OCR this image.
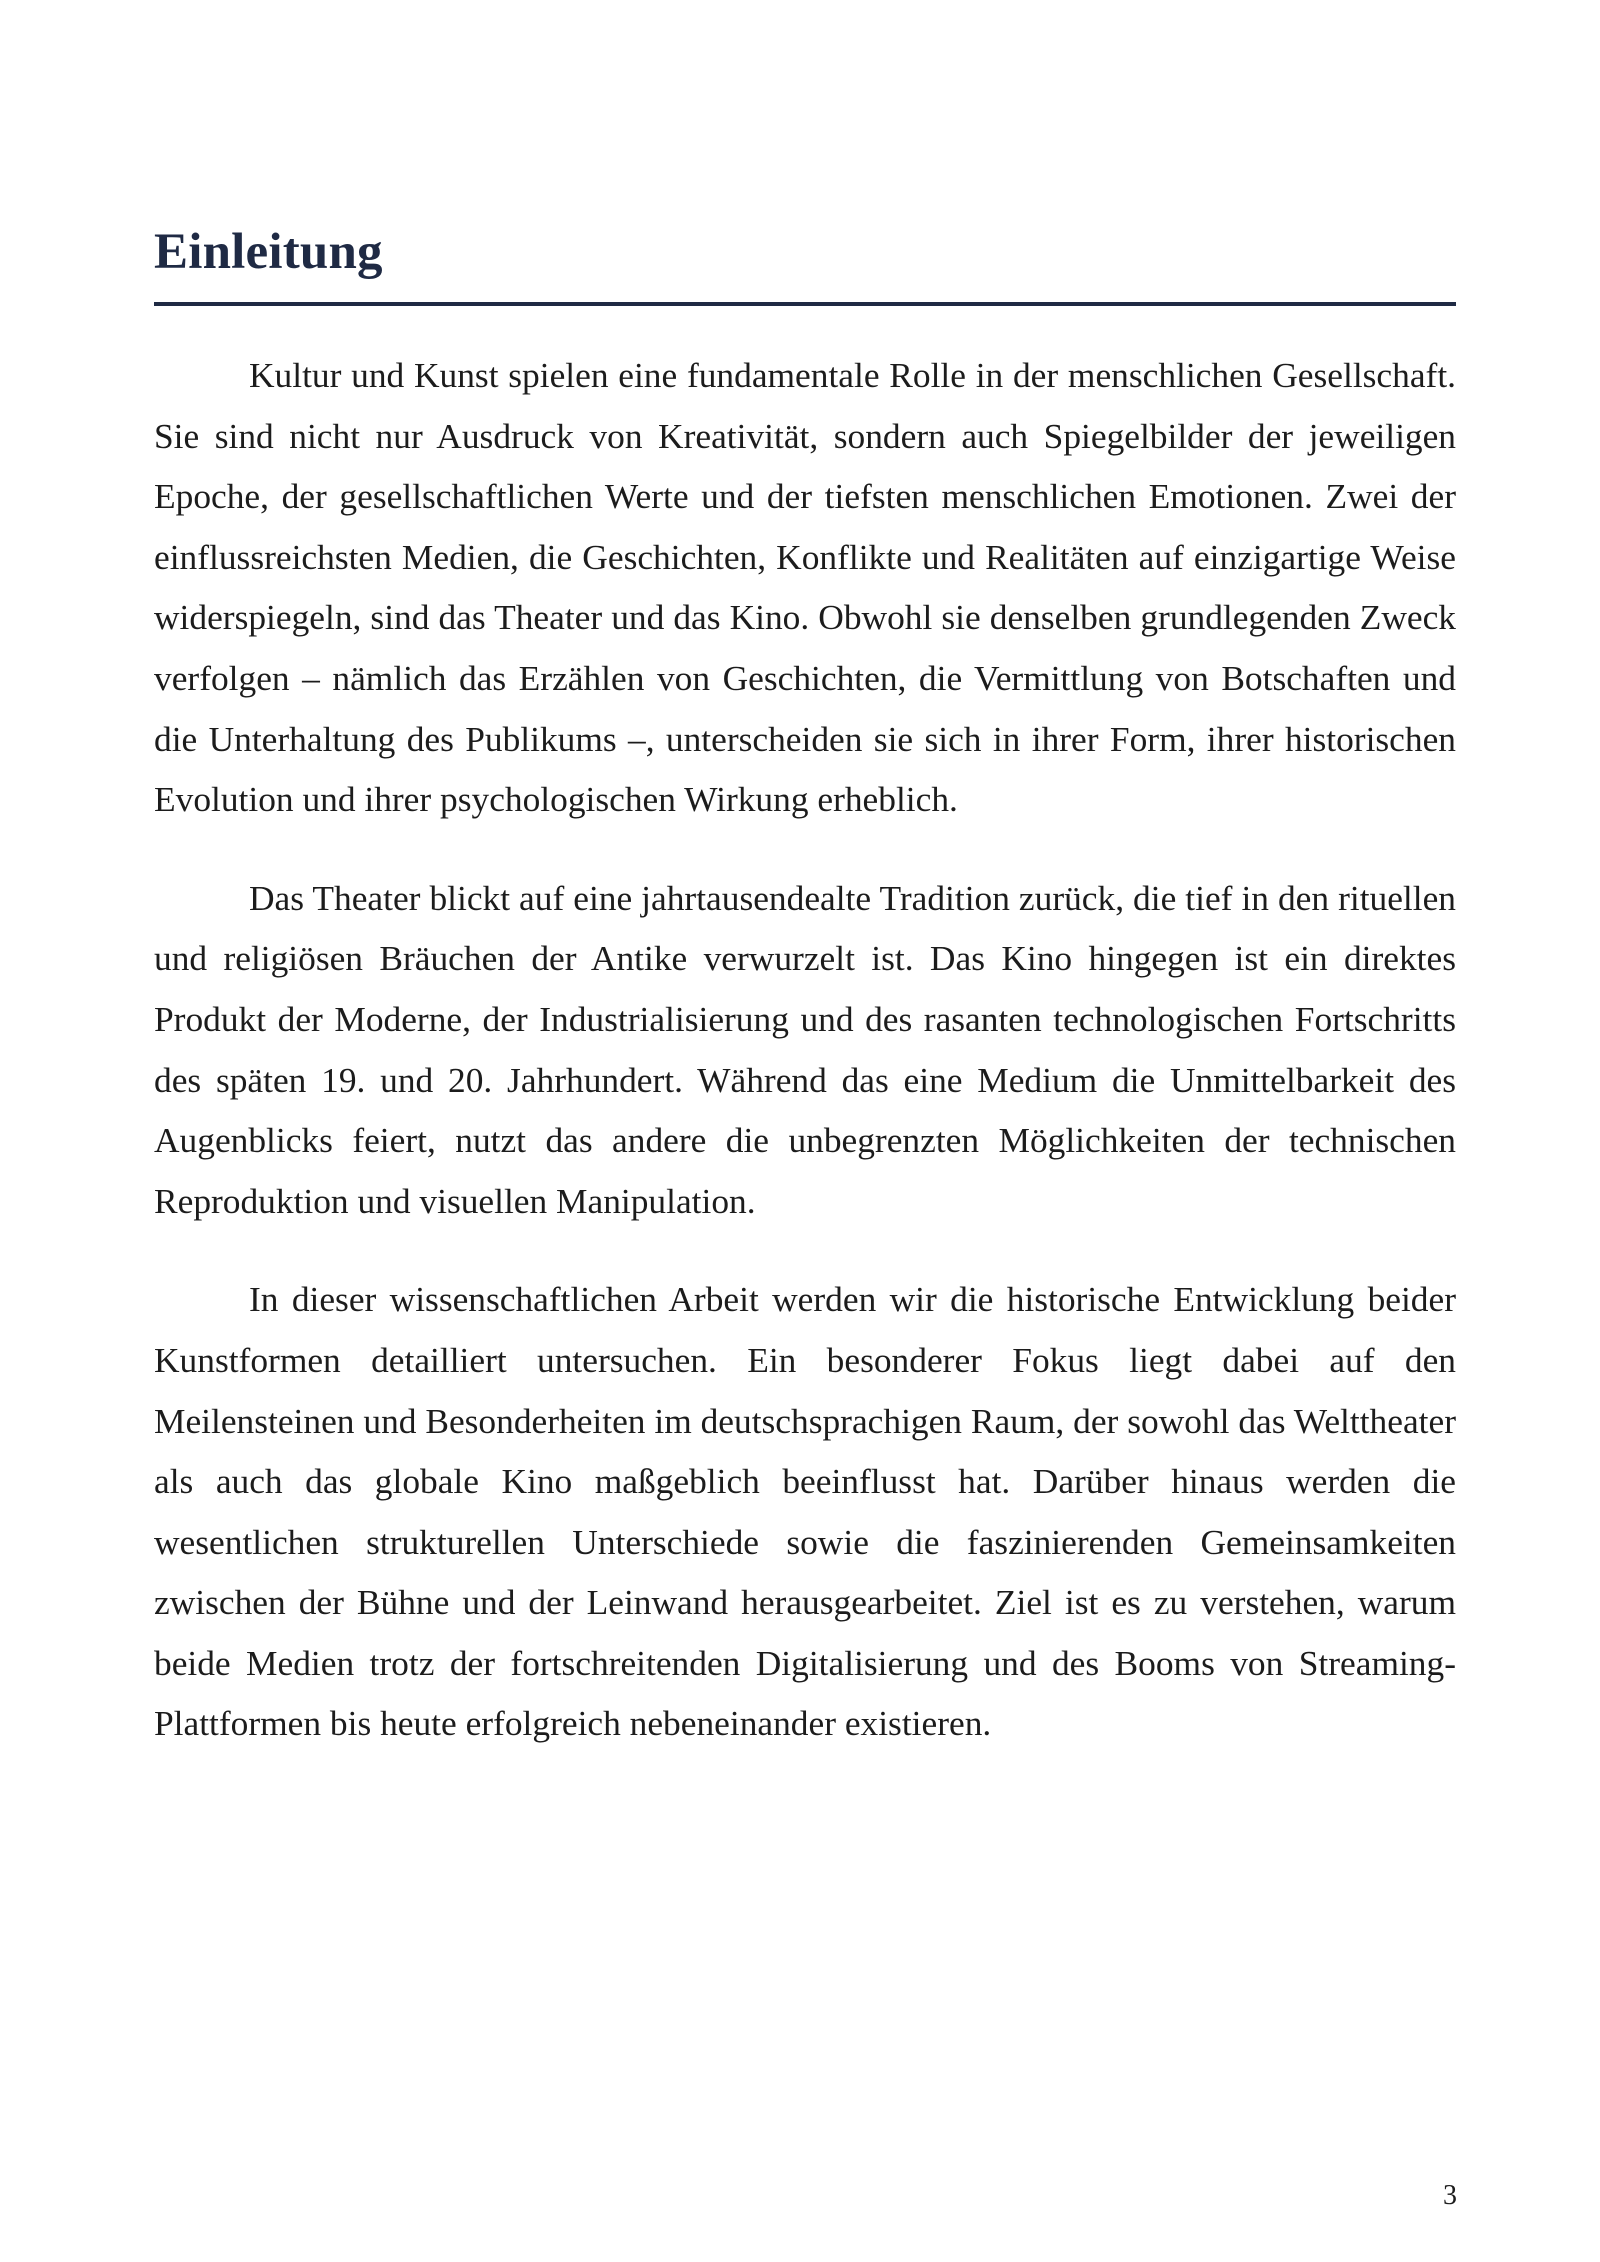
Einleitung

Kultur und Kunst spielen eine fundamentale Rolle in der menschlichen Gesellschaft. Sie sind nicht nur Ausdruck von Kreativität, sondern auch Spiegelbilder der jeweiligen Epoche, der gesellschaftlichen Werte und der tiefsten menschlichen Emotionen. Zwei der einflussreichsten Medien, die Geschichten, Konflikte und Realitäten auf einzigartige Weise widerspiegeln, sind das Theater und das Kino. Obwohl sie denselben grundlegenden Zweck verfolgen – nämlich das Erzählen von Geschichten, die Vermittlung von Botschaften und die Unterhaltung des Publikums –, unterscheiden sie sich in ihrer Form, ihrer historischen Evolution und ihrer psychologischen Wirkung erheblich.

Das Theater blickt auf eine jahrtausendealte Tradition zurück, die tief in den rituellen und religiösen Bräuchen der Antike verwurzelt ist. Das Kino hingegen ist ein direktes Produkt der Moderne, der Industrialisierung und des rasanten technologischen Fortschritts des späten 19. und 20. Jahrhundert. Während das eine Medium die Unmittelbarkeit des Augenblicks feiert, nutzt das andere die unbegrenzten Möglichkeiten der technischen Reproduktion und visuellen Manipulation.

In dieser wissenschaftlichen Arbeit werden wir die historische Entwicklung beider Kunstformen detailliert untersuchen. Ein besonderer Fokus liegt dabei auf den Meilensteinen und Besonderheiten im deutschsprachigen Raum, der sowohl das Welttheater als auch das globale Kino maßgeblich beeinflusst hat. Darüber hinaus werden die wesentlichen strukturellen Unterschiede sowie die faszinierenden Gemeinsamkeiten zwischen der Bühne und der Leinwand herausgearbeitet. Ziel ist es zu verstehen, warum beide Medien trotz der fortschreitenden Digitalisierung und des Booms von Streaming-Plattformen bis heute erfolgreich nebeneinander existieren.

3
